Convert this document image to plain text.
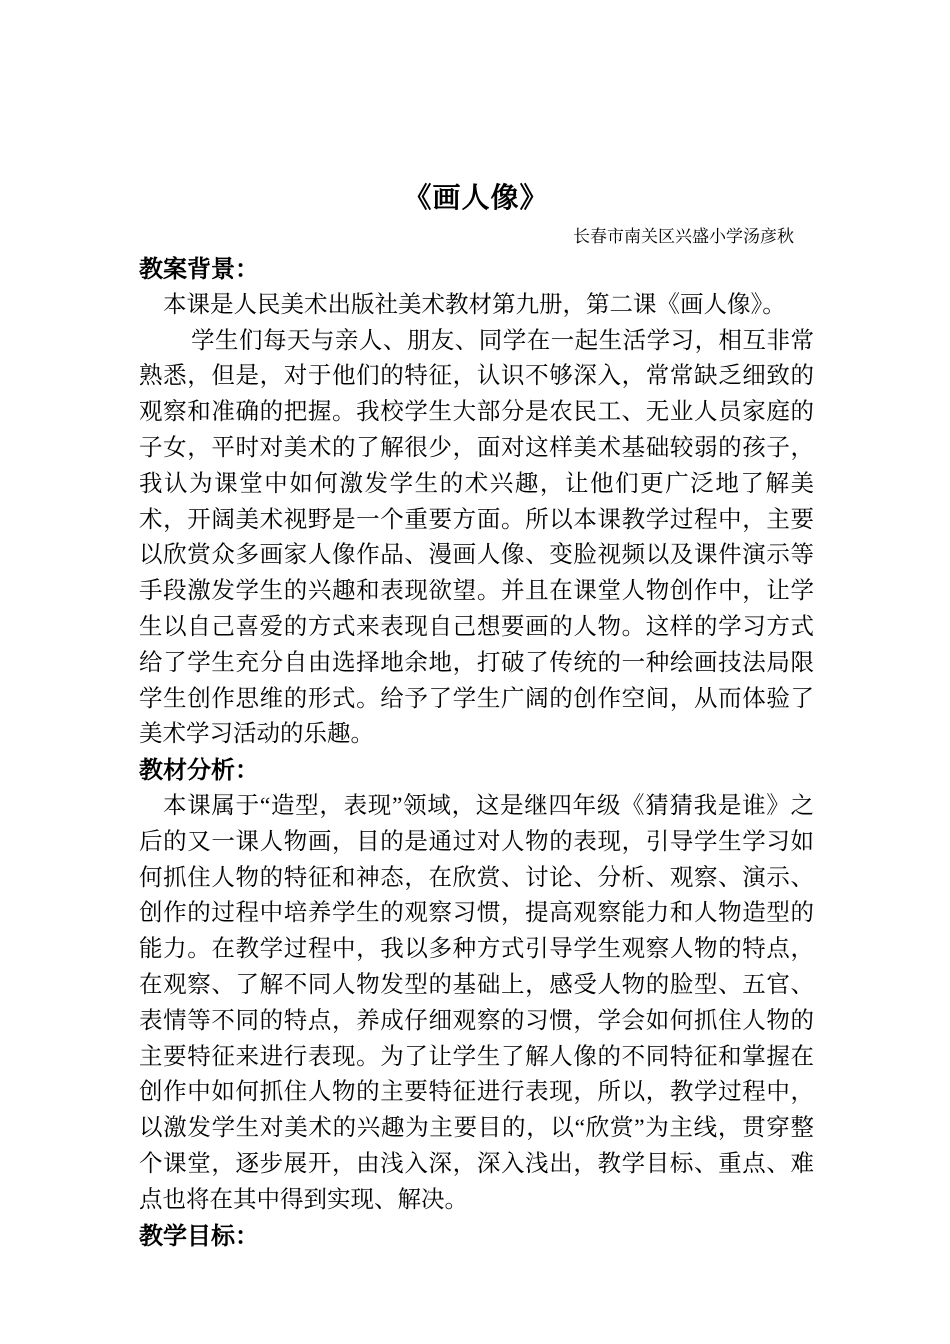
《画人像》
长春市南关区兴盛小学汤彦秋
教案背景：

本课是人民美术出版社美术教材第九册，第二课《画人像》。

学生们每天与亲人、朋友、同学在一起生活学习，相互非常熟悉，但是，对于他们的特征，认识不够深入，常常缺乏细致的观察和准确的把握。我校学生大部分是农民工、无业人员家庭的子女，平时对美术的了解很少，面对这样美术基础较弱的孩子，我认为课堂中如何激发学生的术兴趣，让他们更广泛地了解美术，开阔美术视野是一个重要方面。所以本课教学过程中，主要以欣赏众多画家人像作品、漫画人像、变脸视频以及课件演示等手段激发学生的兴趣和表现欲望。并且在课堂人物创作中，让学生以自己喜爱的方式来表现自己想要画的人物。这样的学习方式给了学生充分自由选择地余地，打破了传统的一种绘画技法局限学生创作思维的形式。给予了学生广阔的创作空间，从而体验了美术学习活动的乐趣。

教材分析：

本课属于“造型，表现”领域，这是继四年级《猜猜我是谁》之后的又一课人物画，目的是通过对人物的表现，引导学生学习如何抓住人物的特征和神态，在欣赏、讨论、分析、观察、演示、创作的过程中培养学生的观察习惯，提高观察能力和人物造型的能力。在教学过程中，我以多种方式引导学生观察人物的特点，在观察、了解不同人物发型的基础上，感受人物的脸型、五官、表情等不同的特点，养成仔细观察的习惯，学会如何抓住人物的主要特征来进行表现。为了让学生了解人像的不同特征和掌握在创作中如何抓住人物的主要特征进行表现，所以，教学过程中，以激发学生对美术的兴趣为主要目的，以“欣赏”为主线，贯穿整个课堂，逐步展开，由浅入深，深入浅出，教学目标、重点、难点也将在其中得到实现、解决。

教学目标：
